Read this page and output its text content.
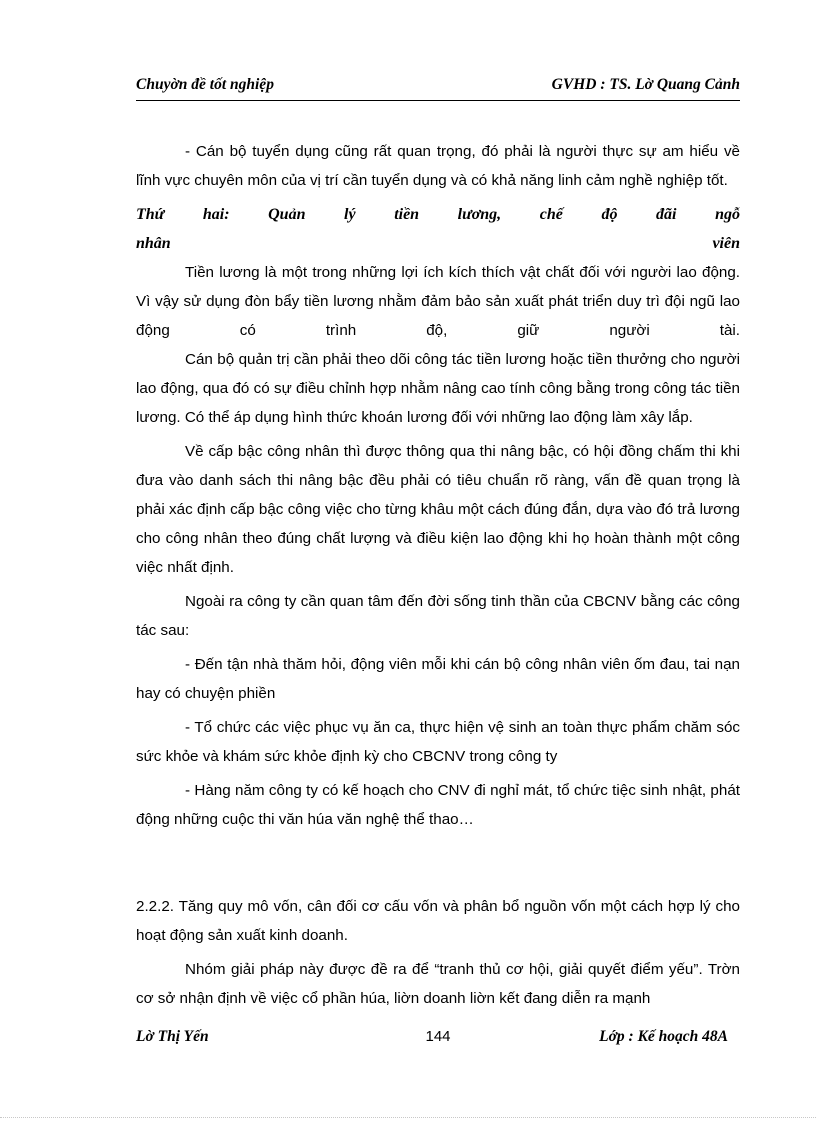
Chuyờn đề tốt nghiệp	GVHD : TS. Lờ Quang Cảnh

- Cán bộ tuyển dụng cũng rất quan trọng, đó phải là người thực sự am hiểu về lĩnh vực chuyên môn của vị trí cần tuyển dụng và có khả năng linh cảm nghề nghiệp tốt.

Thứ hai: Quản lý tiền lương, chế độ đãi ngỗ nhân viên

Tiền lương là một trong những lợi ích kích thích vật chất đối với người lao động. Vì vậy sử dụng đòn bẩy tiền lương nhằm đảm bảo sản xuất phát triển duy trì đội ngũ lao động có trình độ, giữ người tài.

Cán bộ quản trị cần phải theo dõi công tác tiền lương hoặc tiền thưởng cho người lao động, qua đó có sự điều chỉnh hợp nhằm nâng cao tính công bằng trong công tác tiền lương. Có thể áp dụng hình thức khoán lương đối với những lao động làm xây lắp.

Về cấp bậc công nhân thì được thông qua thi nâng bậc, có hội đồng chấm thi khi đưa vào danh sách thi nâng bậc đều phải có tiêu chuẩn rõ ràng, vấn đề quan trọng là phải xác định cấp bậc công việc cho từng khâu một cách đúng đắn, dựa vào đó trả lương cho công nhân theo đúng chất lượng và điều kiện lao động khi họ hoàn thành một công việc nhất định.

Ngoài ra công ty cần quan tâm đến đời sống tinh thần của CBCNV bằng các công tác sau:

- Đến tận nhà thăm hỏi, động viên mỗi khi cán bộ công nhân viên ốm đau, tai nạn hay có chuyện phiền

- Tổ chức các việc phục vụ ăn ca, thực hiện vệ sinh an toàn thực phẩm chăm sóc sức khỏe và khám sức khỏe định kỳ cho CBCNV trong công ty

- Hàng năm công ty có kế hoạch cho CNV đi nghỉ mát, tổ chức tiệc sinh nhật, phát động những cuộc thi văn húa văn nghệ thể thao…

2.2.2. Tăng quy mô vốn, cân đối cơ cấu vốn và phân bổ nguồn vốn một cách hợp lý cho hoạt động sản xuất kinh doanh.

Nhóm giải pháp này được đề ra để “tranh thủ cơ hội, giải quyết điểm yếu”. Trờn cơ sở nhận định về việc cổ phần húa, liờn doanh liờn kết đang diễn ra mạnh

Lờ Thị Yến	144	Lớp : Kế hoạch 48A
